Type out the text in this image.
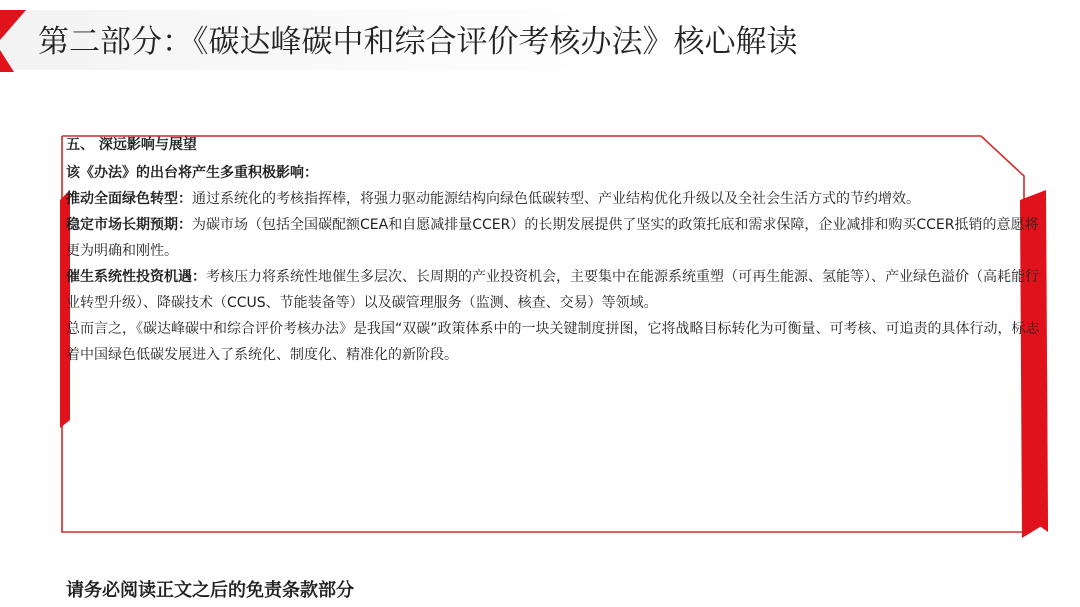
第二部分：《碳达峰碳中和综合评价考核办法》核心解读

五、 深远影响与展望

该《办法》的出台将产生多重积极影响：

推动全面绿色转型：通过系统化的考核指挥棒，将强力驱动能源结构向绿色低碳转型、产业结构优化升级以及全社会生活方式的节约增效。

稳定市场长期预期：为碳市场（包括全国碳配额CEA和自愿减排量CCER）的长期发展提供了坚实的政策托底和需求保障，企业减排和购买CCER抵销的意愿将更为明确和刚性。

催生系统性投资机遇：考核压力将系统性地催生多层次、长周期的产业投资机会，主要集中在能源系统重塑（可再生能源、氢能等）、产业绿色溢价（高耗能行业转型升级）、降碳技术（CCUS、节能装备等）以及碳管理服务（监测、核查、交易）等领域。

总而言之，《碳达峰碳中和综合评价考核办法》是我国“双碳”政策体系中的一块关键制度拼图，它将战略目标转化为可衡量、可考核、可追责的具体行动，标志着中国绿色低碳发展进入了系统化、制度化、精准化的新阶段。

请务必阅读正文之后的免责条款部分
